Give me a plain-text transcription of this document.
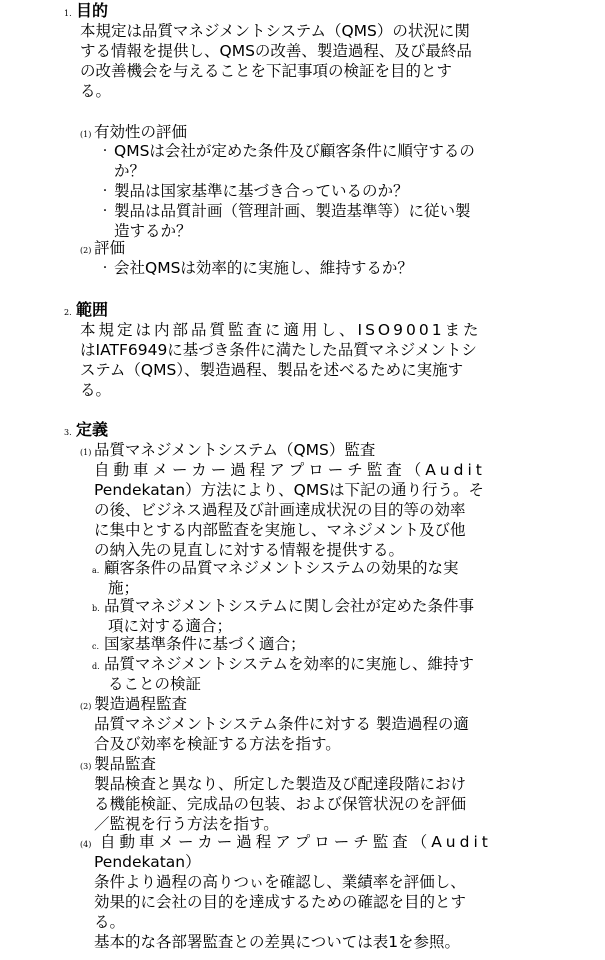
1. 目的
本規定は品質マネジメントシステム（QMS）の状況に関
する情報を提供し、QMSの改善、製造過程、及び最終品
の改善機会を与えることを下記事項の検証を目的とす
る。
(1) 有効性の評価
・ QMSは会社が定めた条件及び顧客条件に順守するの
か？
・ 製品は国家基準に基づき合っているのか？
・ 製品は品質計画（管理計画、製造基準等）に従い製
造するか？
(2) 評価
・ 会社QMSは効率的に実施し、維持するか？
2. 範囲
本規定は内部品質監査に適用し、ISO9001また
はIATF6949に基づき条件に満たした品質マネジメントシ
ステム（QMS）、製造過程、製品を述べるために実施す
る。
3. 定義
(1) 品質マネジメントシステム（QMS）監査
自動車メーカー過程アプローチ監査（Audit
Pendekatan）方法により、QMSは下記の通り行う。そ
の後、ビジネス過程及び計画達成状況の目的等の効率
に集中とする内部監査を実施し、マネジメント及び他
の納入先の見直しに対する情報を提供する。
a. 顧客条件の品質マネジメントシステムの効果的な実
施；
b. 品質マネジメントシステムに関し会社が定めた条件事
項に対する適合；
c. 国家基準条件に基づく適合；
d. 品質マネジメントシステムを効率的に実施し、維持す
ることの検証
(2) 製造過程監査
品質マネジメントシステム条件に対する 製造過程の適
合及び効率を検証する方法を指す。
(3) 製品監査
製品検査と異なり、所定した製造及び配達段階におけ
る機能検証、完成品の包装、および保管状況のを評価
／監視を行う方法を指す。
(4) 自動車メーカー過程アプローチ監査（Audit
Pendekatan）
条件より過程の高りつぃを確認し、業績率を評価し、
効果的に会社の目的を達成するための確認を目的とす
る。
基本的な各部署監査との差異については表1を参照。
